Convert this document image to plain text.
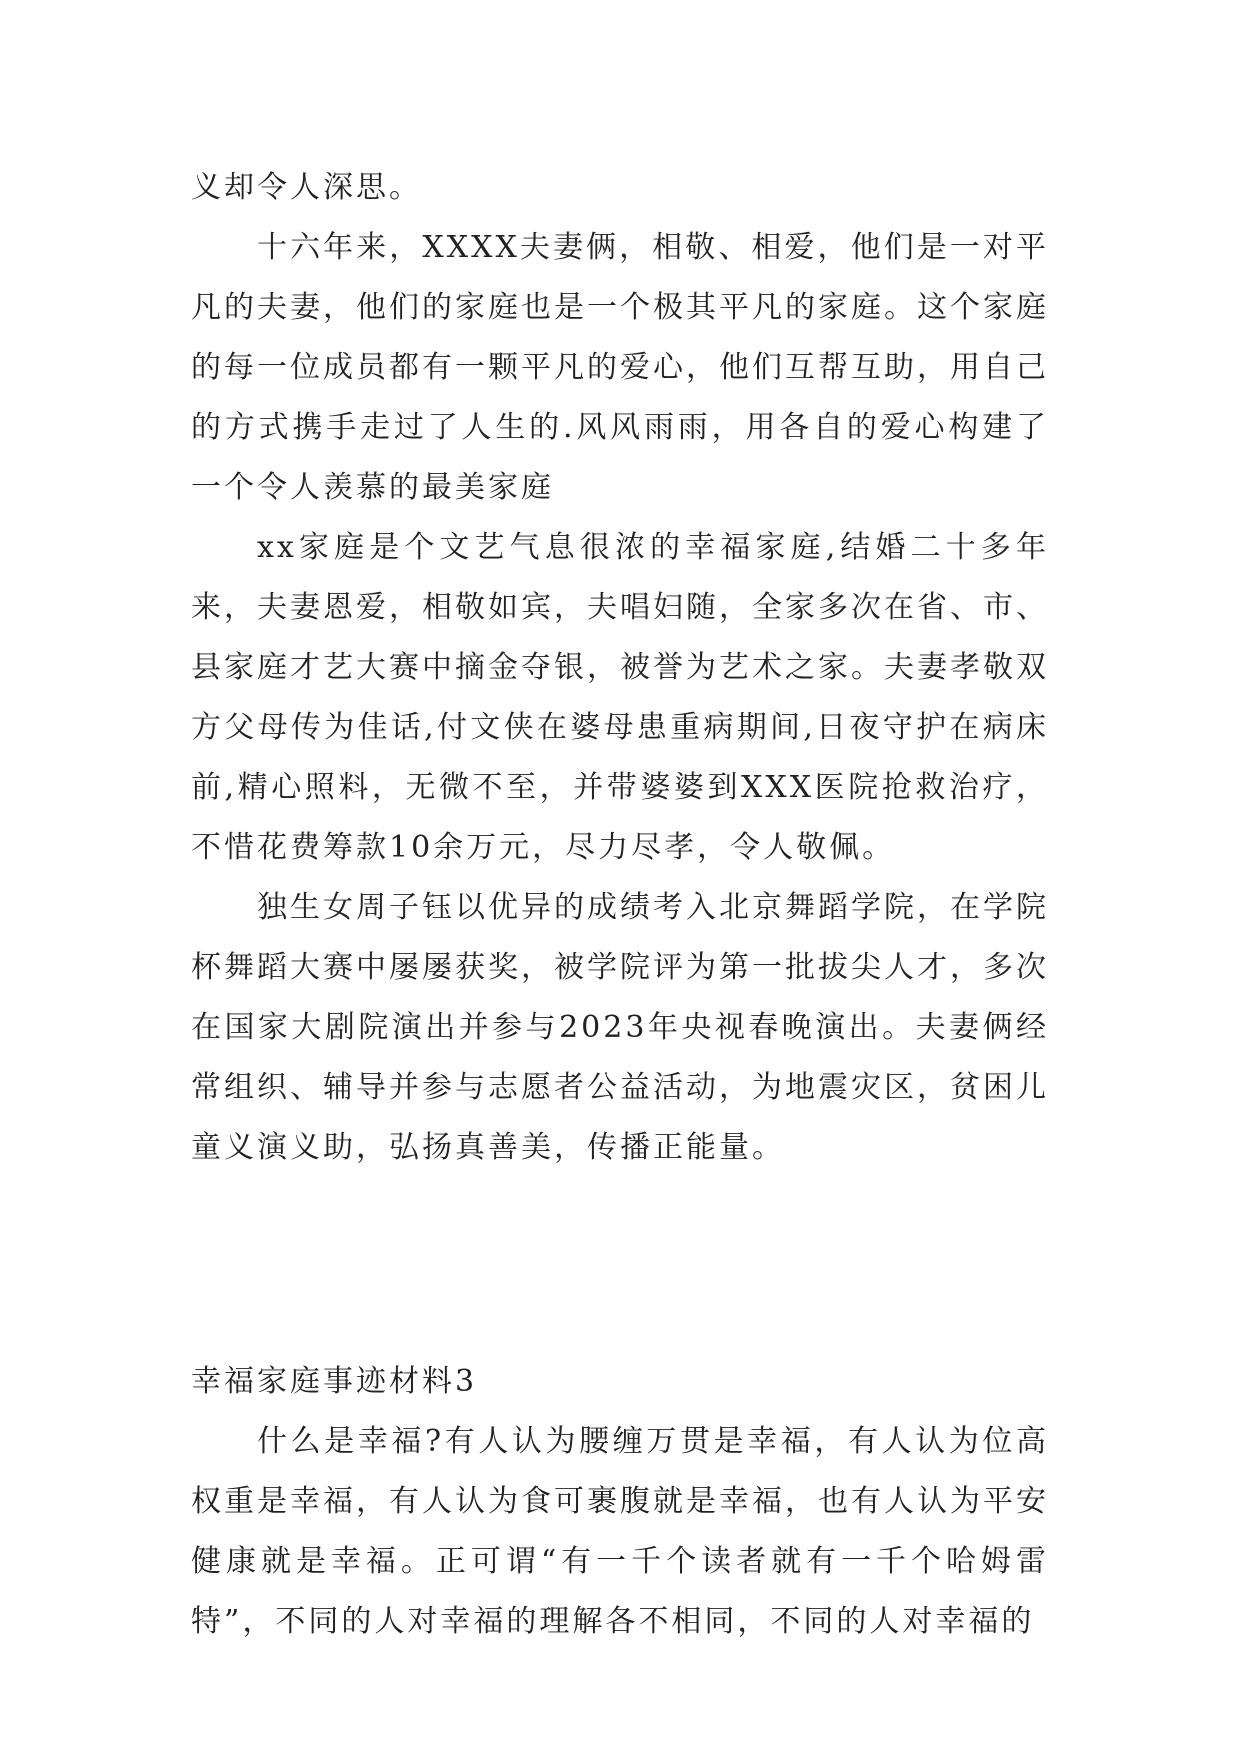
义却令人深思。

十六年来，XXXX夫妻俩，相敬、相爱，他们是一对平凡的夫妻，他们的家庭也是一个极其平凡的家庭。这个家庭的每一位成员都有一颗平凡的爱心，他们互帮互助，用自己的方式携手走过了人生的.风风雨雨，用各自的爱心构建了一个令人羡慕的最美家庭

xx家庭是个文艺气息很浓的幸福家庭,结婚二十多年来，夫妻恩爱，相敬如宾，夫唱妇随，全家多次在省、市、县家庭才艺大赛中摘金夺银，被誉为艺术之家。夫妻孝敬双方父母传为佳话,付文侠在婆母患重病期间,日夜守护在病床前,精心照料，无微不至，并带婆婆到XXX医院抢救治疗，不惜花费筹款10余万元，尽力尽孝，令人敬佩。

独生女周子钰以优异的成绩考入北京舞蹈学院，在学院杯舞蹈大赛中屡屡获奖，被学院评为第一批拔尖人才，多次在国家大剧院演出并参与2023年央视春晚演出。夫妻俩经常组织、辅导并参与志愿者公益活动，为地震灾区，贫困儿童义演义助，弘扬真善美，传播正能量。

幸福家庭事迹材料3

什么是幸福?有人认为腰缠万贯是幸福，有人认为位高权重是幸福，有人认为食可裹腹就是幸福，也有人认为平安健康就是幸福。正可谓“有一千个读者就有一千个哈姆雷特”，不同的人对幸福的理解各不相同，不同的人对幸福的
